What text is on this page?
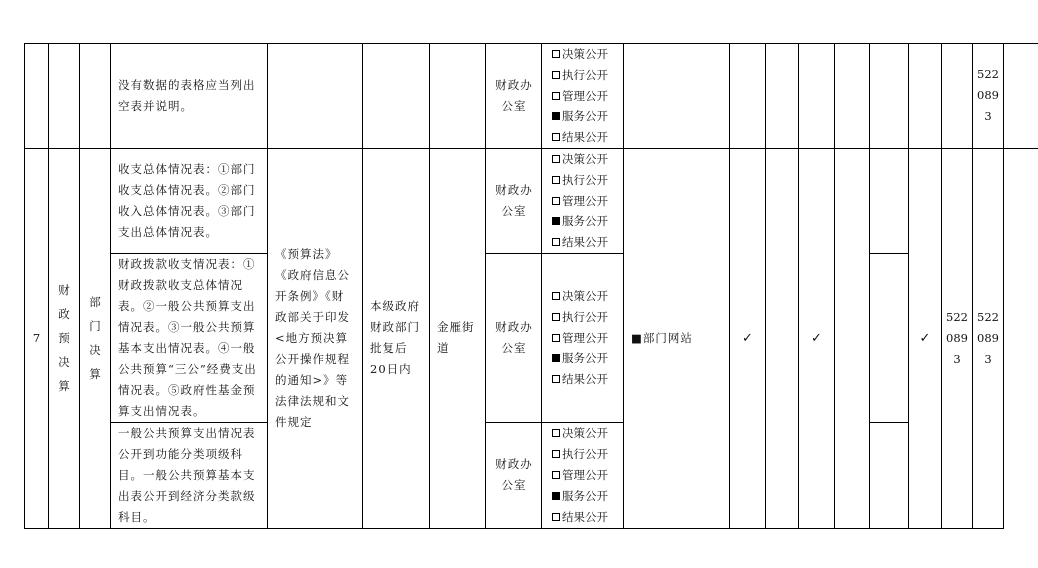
			没有数据的表格应当列出空表并说明。				财政办公室	决策公开
执行公开
管理公开
服务公开
结果公开									5220893	
7	财政预决算	部门决算	收支总体情况表：①部门收支总体情况表。②部门收入总体情况表。③部门支出总体情况表。	《预算法》《政府信息公开条例》《财政部关于印发<地方预决算公开操作规程的通知>》等法律法规和文件规定	本级政府财政部门批复后20日内	金雁街道	财政办公室	决策公开
执行公开
管理公开
服务公开
结果公开	■部门网站	✓		✓			✓	5220893	5220893	
			财政拨款收支情况表：①财政拨款收支总体情况表。②一般公共预算支出情况表。③一般公共预算基本支出情况表。④一般公共预算“三公”经费支出情况表。⑤政府性基金预算支出情况表。				财政办公室	决策公开
执行公开
管理公开
服务公开
结果公开										

			一般公共预算支出情况表公开到功能分类项级科目。一般公共预算基本支出表公开到经济分类款级科目。				财政办公室	决策公开
执行公开
管理公开
服务公开
结果公开										
